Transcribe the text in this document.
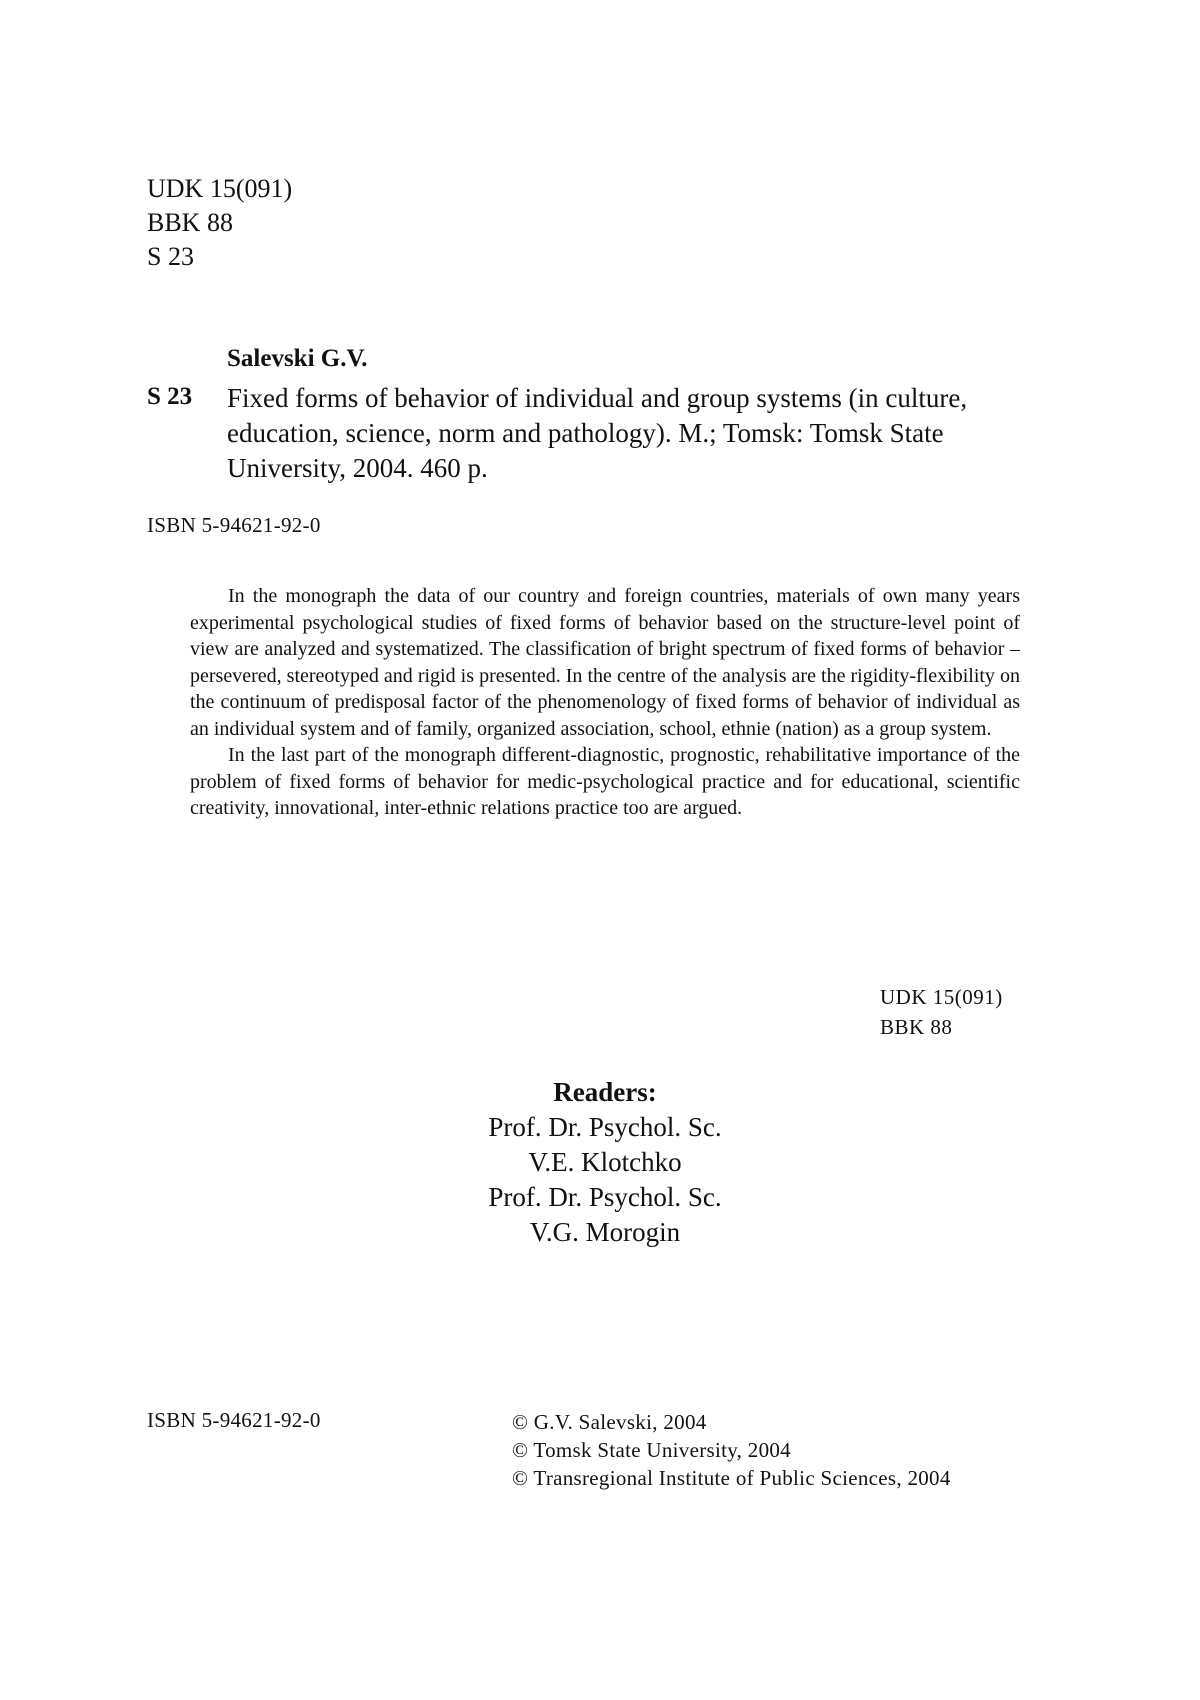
UDK 15(091)
BBK 88
S 23
Salevski G.V.
S 23 Fixed forms of behavior of individual and group systems (in culture, education, science, norm and pathology). M.; Tomsk: Tomsk State University, 2004. 460 p.
ISBN 5-94621-92-0

In the monograph the data of our country and foreign countries, materials of own many years experimental psychological studies of fixed forms of behavior based on the structure-level point of view are analyzed and systematized. The classification of bright spectrum of fixed forms of behavior – persevered, stereotyped and rigid is presented. In the centre of the analysis are the rigidity-flexibility on the continuum of predisposal factor of the phenomenology of fixed forms of behavior of individual as an individual system and of family, organized association, school, ethnie (nation) as a group system.

In the last part of the monograph different-diagnostic, prognostic, rehabilitative importance of the problem of fixed forms of behavior for medic-psychological practice and for educational, scientific creativity, innovational, inter-ethnic relations practice too are argued.

UDK 15(091)
BBK 88
Readers:
Prof. Dr. Psychol. Sc.
V.E. Klotchko
Prof. Dr. Psychol. Sc.
V.G. Morogin
ISBN 5-94621-92-0	© G.V. Salevski, 2004
© Tomsk State University, 2004
© Transregional Institute of Public Sciences, 2004
